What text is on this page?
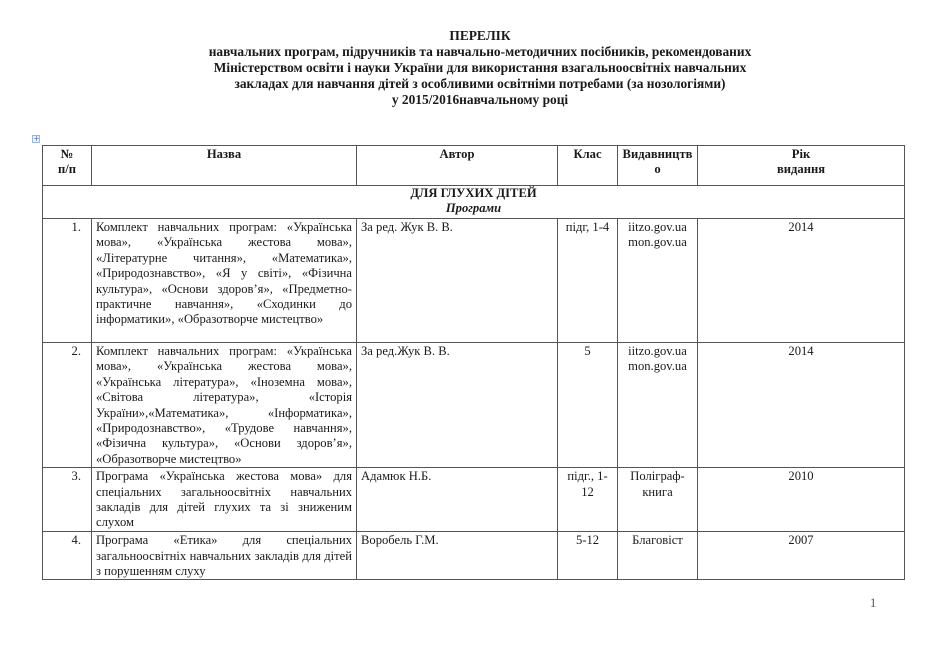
ПЕРЕЛІК
навчальних програм, підручників та навчально-методичних посібників, рекомендованих
Міністерством освіти і науки України для використання взагальноосвітніх навчальних
закладах для навчання дітей з особливими освітніми потребами (за нозологіями)
у 2015/2016навчальному році
+
№ п/п	Назва	Автор	Клас	Видавництво	Рік видання

ДЛЯ ГЛУХИХ ДІТЕЙ
Програми					

1.	Комплект навчальних програм: «Українська мова», «Українська жестова мова», «Літературне читання», «Математика», «Природознавство», «Я у світі», «Фізична культура», «Основи здоров’я», «Предметно-практичне навчання», «Сходинки до інформатики», «Образотворче мистецтво»	За ред. Жук В. В.	підг, 1-4	iitzo.gov.ua mon.gov.ua	2014
2.	Комплект навчальних програм: «Українська мова», «Українська жестова мова», «Українська література», «Іноземна мова», «Світова література», «Історія України»,«Математика», «Інформатика», «Природознавство», «Трудове навчання», «Фізична культура», «Основи здоров’я», «Образотворче мистецтво»	За ред.Жук В. В.	5	iitzo.gov.ua mon.gov.ua	2014
3.	Програма «Українська жестова мова» для спеціальних загальноосвітніх навчальних закладів для дітей глухих та зі зниженим слухом	Адамюк Н.Б.	підг., 1-12	Поліграф-книга	2010
4.	Програма «Етика» для спеціальних загальноосвітніх навчальних закладів для дітей з порушенням слуху	Воробель Г.М.	5-12	Благовіст	2007
1
